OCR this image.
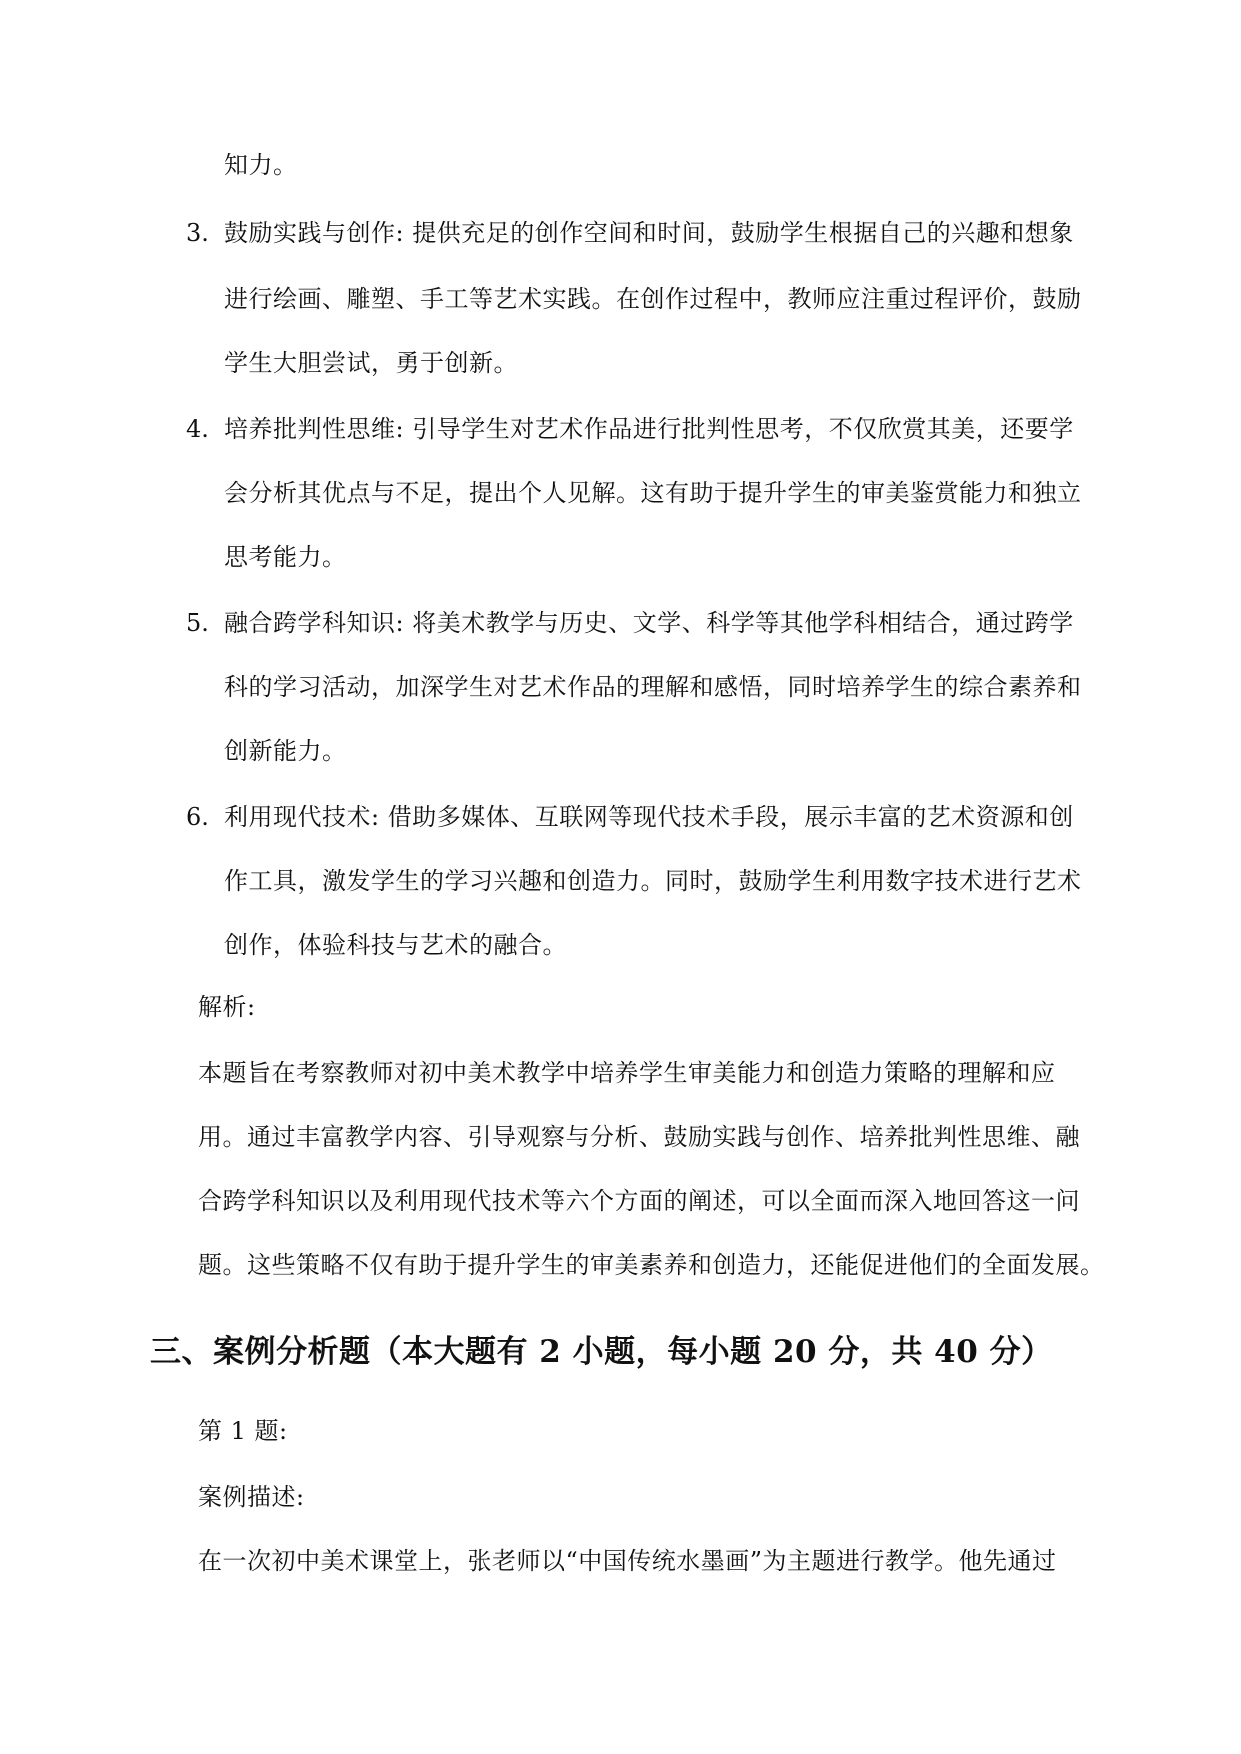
知力。
3. 鼓励实践与创作: 提供充足的创作空间和时间，鼓励学生根据自己的兴趣和想象
进行绘画、雕塑、手工等艺术实践。在创作过程中，教师应注重过程评价，鼓励
学生大胆尝试，勇于创新。
4. 培养批判性思维: 引导学生对艺术作品进行批判性思考，不仅欣赏其美，还要学
会分析其优点与不足，提出个人见解。这有助于提升学生的审美鉴赏能力和独立
思考能力。
5. 融合跨学科知识: 将美术教学与历史、文学、科学等其他学科相结合，通过跨学
科的学习活动，加深学生对艺术作品的理解和感悟，同时培养学生的综合素养和
创新能力。
6. 利用现代技术: 借助多媒体、互联网等现代技术手段，展示丰富的艺术资源和创
作工具，激发学生的学习兴趣和创造力。同时，鼓励学生利用数字技术进行艺术
创作，体验科技与艺术的融合。
解析:
本题旨在考察教师对初中美术教学中培养学生审美能力和创造力策略的理解和应
用。通过丰富教学内容、引导观察与分析、鼓励实践与创作、培养批判性思维、融
合跨学科知识以及利用现代技术等六个方面的阐述，可以全面而深入地回答这一问
题。这些策略不仅有助于提升学生的审美素养和创造力，还能促进他们的全面发展。
三、案例分析题（本大题有 2 小题，每小题 20 分，共 40 分）
第 1 题:
案例描述:
在一次初中美术课堂上，张老师以“中国传统水墨画”为主题进行教学。他先通过
